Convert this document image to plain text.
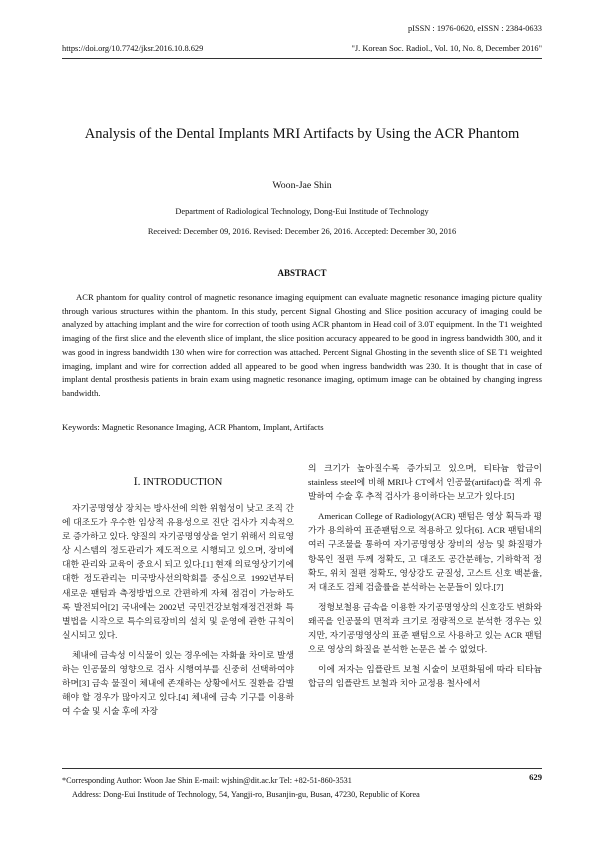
pISSN : 1976-0620, eISSN : 2384-0633
https://doi.org/10.7742/jksr.2016.10.8.629	"J. Korean Soc. Radiol., Vol. 10, No. 8, December 2016"
Analysis of the Dental Implants MRI Artifacts by Using the ACR Phantom
Woon-Jae Shin
Department of Radiological Technology, Dong-Eui Institude of Technology
Received: December 09, 2016. Revised: December 26, 2016. Accepted: December 30, 2016
ABSTRACT
ACR phantom for quality control of magnetic resonance imaging equipment can evaluate magnetic resonance imaging picture quality through various structures within the phantom. In this study, percent Signal Ghosting and Slice position accuracy of imaging could be analyzed by attaching implant and the wire for correction of tooth using ACR phantom in Head coil of 3.0T equipment. In the T1 weighted imaging of the first slice and the eleventh slice of implant, the slice position accuracy appeared to be good in ingress bandwidth 300, and it was good in ingress bandwidth 130 when wire for correction was attached. Percent Signal Ghosting in the seventh slice of SE T1 weighted imaging, implant and wire for correction added all appeared to be good when ingress bandwidth was 230. It is thought that in case of implant dental prosthesis patients in brain exam using magnetic resonance imaging, optimum image can be obtained by changing ingress bandwidth.
Keywords: Magnetic Resonance Imaging, ACR Phantom, Implant, Artifacts
Ⅰ. INTRODUCTION

자기공명영상 장치는 방사선에 의한 위험성이 낮고 조직 간에 대조도가 우수한 임상적 유용성으로 진단 검사가 지속적으로 증가하고 있다. 양질의 자기공명영상을 얻기 위해서 의료영상 시스템의 정도관리가 제도적으로 시행되고 있으며, 장비에 대한 관리와 교육이 중요시 되고 있다.[1] 현재 의료영상기기에 대한 정도관리는 미국방사선의학회를 중심으로 1992년부터 새로운 팬텀과 측정방법으로 간편하게 자체 점검이 가능하도록 발전되어[2] 국내에는 2002년 국민건강보험재정건전화 특별법을 시작으로 특수의료장비의 설치 및 운영에 관한 규칙이 실시되고 있다.

체내에 금속성 이식물이 있는 경우에는 자화율 차이로 발생하는 인공물의 영향으로 검사 시행여부를 신중히 선택하여야 하며[3] 금속 물질이 체내에 존재하는 상황에서도 질환을 감별해야 할 경우가 많아지고 있다.[4] 체내에 금속 기구를 이용하여 수술 및 시술 후에 자장

의 크기가 높아질수록 증가되고 있으며, 티타늄 합금이 stainless steel에 비해 MRI나 CT에서 인공물(artifact)을 적게 유발하여 수술 후 추적 검사가 용이하다는 보고가 있다.[5]

American College of Radiology(ACR) 팬텀은 영상 획득과 평가가 용의하여 표준팬텀으로 적용하고 있다[6]. ACR 팬텀내의 여러 구조물을 통하여 자기공명영상 장비의 성능 및 화질평가항목인 절편 두께 정확도, 고 대조도 공간분해능, 기하학적 정확도, 위치 절편 정확도, 영상강도 균질성, 고스트 신호 백분율, 저 대조도 검체 검출률을 분석하는 논문들이 있다.[7]

정형보철용 금속을 이용한 자기공명영상의 신호강도 변화와 왜곡을 인공물의 면적과 크기로 정량적으로 분석한 경우는 있지만, 자기공명영상의 표준 팬텀으로 사용하고 있는 ACR 팬텀으로 영상의 화질을 분석한 논문은 볼 수 없었다.

이에 저자는 임플란트 보철 시술이 보편화됨에 따라 티타늄합금의 임플란트 보철과 치아 교정용 철사에서

629
*Corresponding Author: Woon Jae Shin E-mail: wjshin@dit.ac.kr Tel: +82-51-860-3531
Address: Dong-Eui Institude of Technology, 54, Yangji-ro, Busanjin-gu, Busan, 47230, Republic of Korea
